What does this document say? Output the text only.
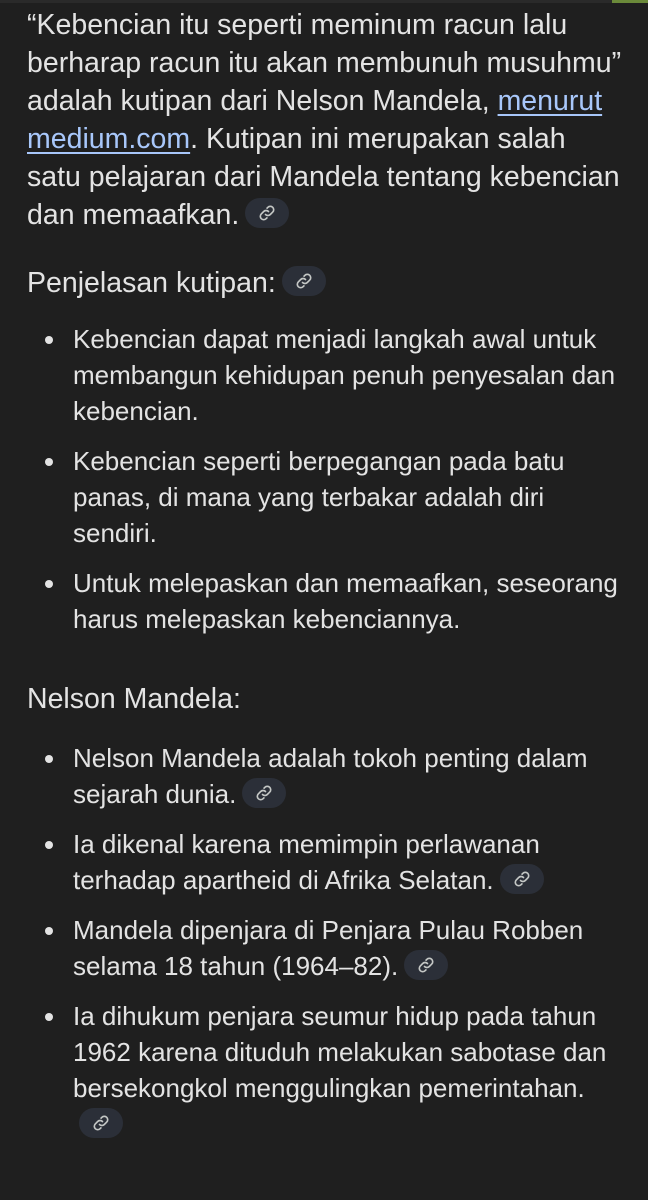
“Kebencian itu seperti meminum racun lalu berharap racun itu akan membunuh musuhmu” adalah kutipan dari Nelson Mandela, menurut medium.com. Kutipan ini merupakan salah satu pelajaran dari Mandela tentang kebencian dan memaafkan.

Penjelasan kutipan:
Kebencian dapat menjadi langkah awal untuk membangun kehidupan penuh penyesalan dan kebencian.
Kebencian seperti berpegangan pada batu panas, di mana yang terbakar adalah diri sendiri.
Untuk melepaskan dan memaafkan, seseorang harus melepaskan kebenciannya.
Nelson Mandela:
Nelson Mandela adalah tokoh penting dalam sejarah dunia.
Ia dikenal karena memimpin perlawanan terhadap apartheid di Afrika Selatan.
Mandela dipenjara di Penjara Pulau Robben selama 18 tahun (1964–82).
Ia dihukum penjara seumur hidup pada tahun 1962 karena dituduh melakukan sabotase dan bersekongkol menggulingkan pemerintahan.
